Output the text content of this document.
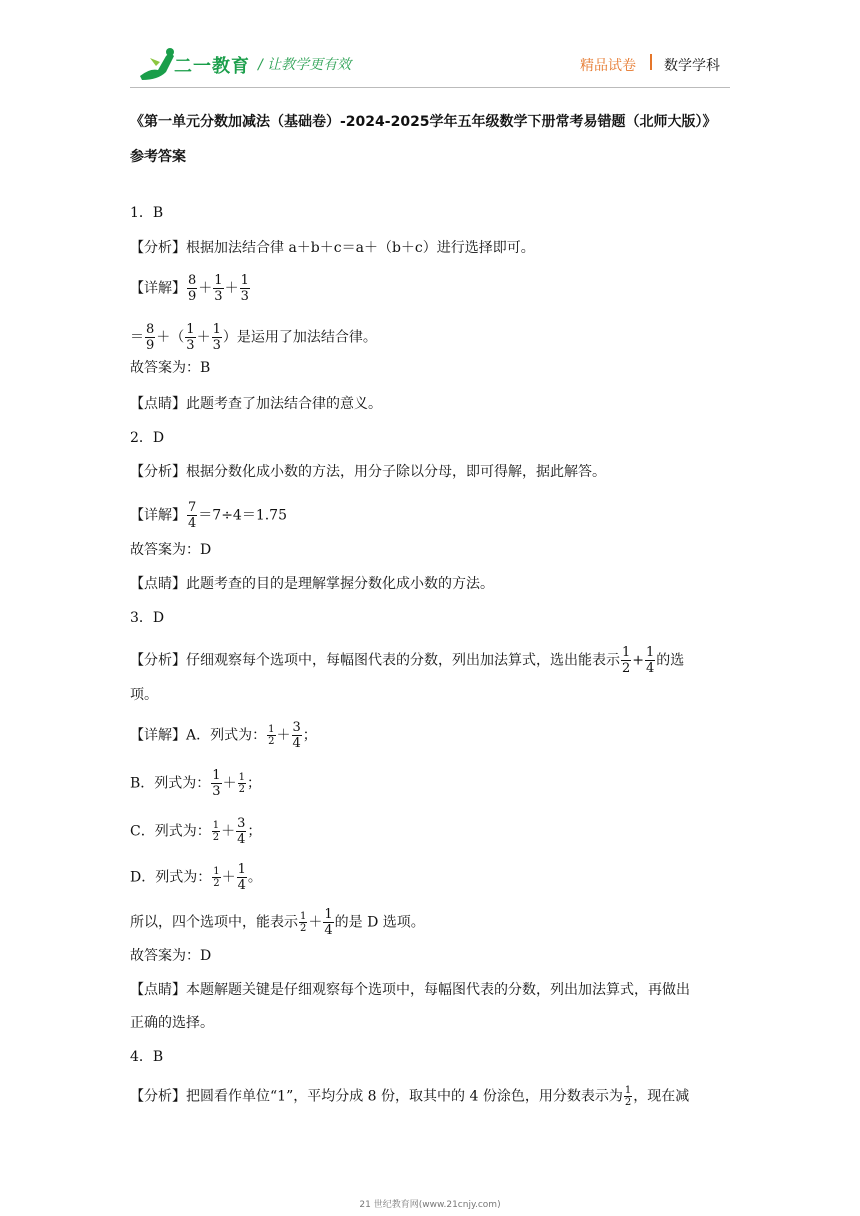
二一教育 / 让教学更有效	精品试卷 数学学科
《第一单元分数加减法（基础卷）-2024-2025学年五年级数学下册常考易错题（北师大版）》
参考答案
1．B
【分析】根据加法结合律 a＋b＋c＝a＋（b＋c）进行选择即可。
【详解】 $\frac{8}{9} + \frac{1}{3} + \frac{1}{3}$
＝ $\frac{8}{9}$ ＋（ $\frac{1}{3} + \frac{1}{3}$ ）是运用了加法结合律。
故答案为：B
【点睛】此题考查了加法结合律的意义。
2．D
【分析】根据分数化成小数的方法，用分子除以分母，即可得解，据此解答。
【详解】 $\frac{7}{4} =7\div 4=1.75$
故答案为：D
【点睛】此题考查的目的是理解掌握分数化成小数的方法。
3．D
【分析】仔细观察每个选项中，每幅图代表的分数，列出加法算式，选出能表示 $\frac{1}{2} + \frac{1}{4}$ 的选
项。
【详解】A．列式为： $\frac{1}{2} + \frac{3}{4}$ ；
B．列式为： $\frac{1}{3} + \frac{1}{2}$ ；
C．列式为： $\frac{1}{2} + \frac{3}{4}$ ；
D．列式为： $\frac{1}{2} + \frac{1}{4}$ 。
所以，四个选项中，能表示 $\frac{1}{2} + \frac{1}{4}$ 的是 D 选项。
故答案为：D
【点睛】本题解题关键是仔细观察每个选项中，每幅图代表的分数，列出加法算式，再做出
正确的选择。
4．B
【分析】把圆看作单位“1”，平均分成 8 份，取其中的 4 份涂色，用分数表示为 $\frac{1}{2}$ ，现在减
21 世纪教育网(www.21cnjy.com)
